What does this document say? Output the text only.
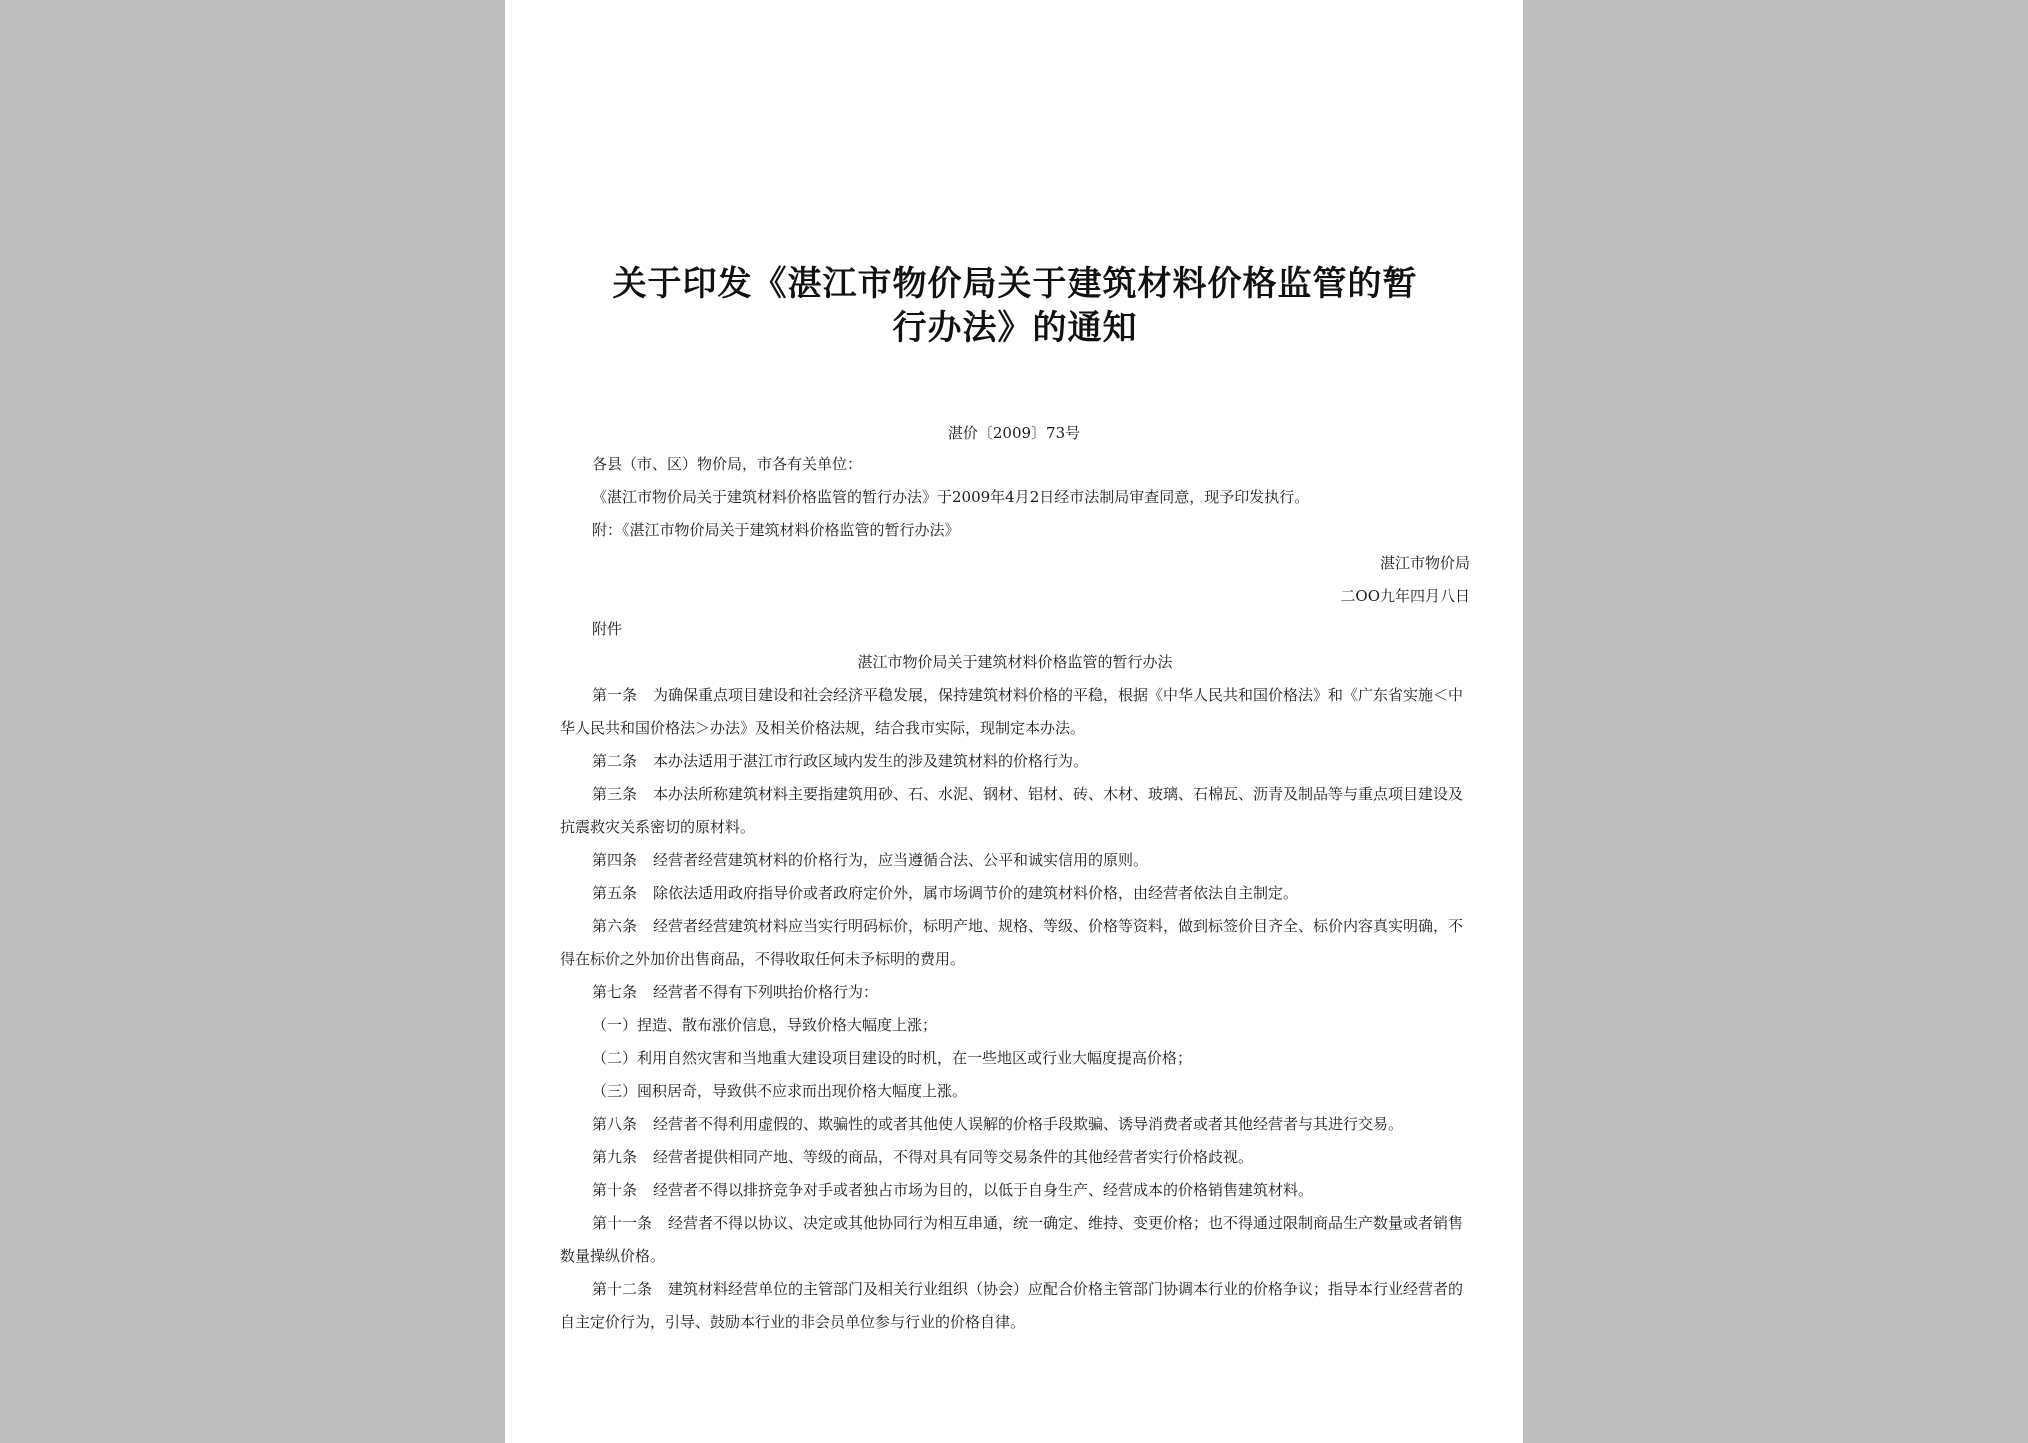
关于印发《湛江市物价局关于建筑材料价格监管的暂
行办法》的通知
湛价〔2009〕73号

各县（市、区）物价局，市各有关单位：

《湛江市物价局关于建筑材料价格监管的暂行办法》于2009年4月2日经市法制局审查同意，现予印发执行。

附：《湛江市物价局关于建筑材料价格监管的暂行办法》

湛江市物价局

二OO九年四月八日

附件

湛江市物价局关于建筑材料价格监管的暂行办法

第一条 为确保重点项目建设和社会经济平稳发展，保持建筑材料价格的平稳，根据《中华人民共和国价格法》和《广东省实施＜中华人民共和国价格法＞办法》及相关价格法规，结合我市实际，现制定本办法。

第二条 本办法适用于湛江市行政区域内发生的涉及建筑材料的价格行为。

第三条 本办法所称建筑材料主要指建筑用砂、石、水泥、钢材、铝材、砖、木材、玻璃、石棉瓦、沥青及制品等与重点项目建设及抗震救灾关系密切的原材料。

第四条 经营者经营建筑材料的价格行为，应当遵循合法、公平和诚实信用的原则。

第五条 除依法适用政府指导价或者政府定价外，属市场调节价的建筑材料价格，由经营者依法自主制定。

第六条 经营者经营建筑材料应当实行明码标价，标明产地、规格、等级、价格等资料，做到标签价目齐全、标价内容真实明确，不得在标价之外加价出售商品，不得收取任何未予标明的费用。

第七条 经营者不得有下列哄抬价格行为：

（一）捏造、散布涨价信息，导致价格大幅度上涨；

（二）利用自然灾害和当地重大建设项目建设的时机，在一些地区或行业大幅度提高价格；

（三）囤积居奇，导致供不应求而出现价格大幅度上涨。

第八条 经营者不得利用虚假的、欺骗性的或者其他使人误解的价格手段欺骗、诱导消费者或者其他经营者与其进行交易。

第九条 经营者提供相同产地、等级的商品，不得对具有同等交易条件的其他经营者实行价格歧视。

第十条 经营者不得以排挤竞争对手或者独占市场为目的，以低于自身生产、经营成本的价格销售建筑材料。

第十一条 经营者不得以协议、决定或其他协同行为相互串通，统一确定、维持、变更价格；也不得通过限制商品生产数量或者销售数量操纵价格。

第十二条 建筑材料经营单位的主管部门及相关行业组织（协会）应配合价格主管部门协调本行业的价格争议；指导本行业经营者的自主定价行为，引导、鼓励本行业的非会员单位参与行业的价格自律。
